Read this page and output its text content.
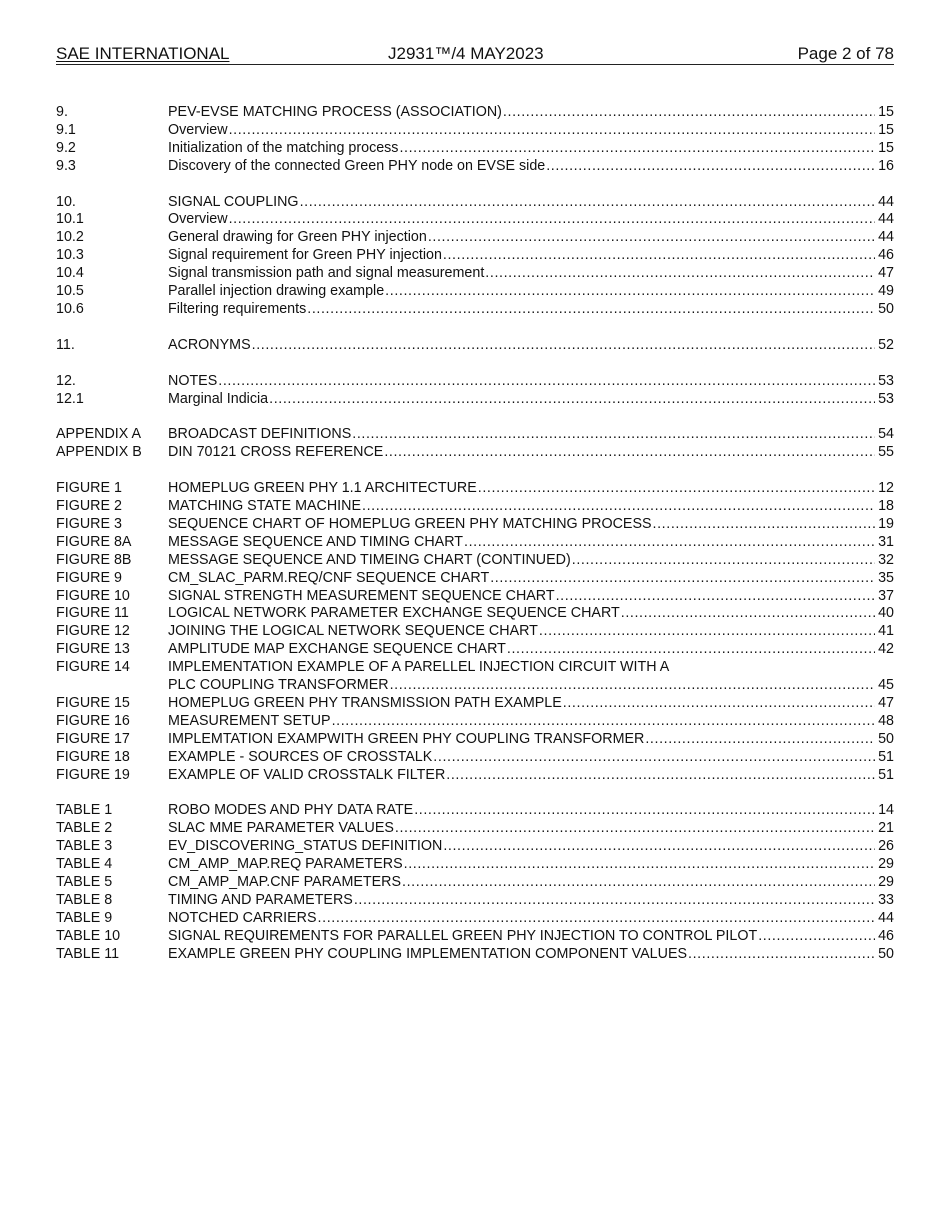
SAE INTERNATIONAL	J2931™/4 MAY2023	Page 2 of 78
9.	PEV-EVSE MATCHING PROCESS (ASSOCIATION) .....	15
9.1	Overview .....	15
9.2	Initialization of the matching process .....	15
9.3	Discovery of the connected Green PHY node on EVSE side .....	16
10.	SIGNAL COUPLING .....	44
10.1	Overview .....	44
10.2	General drawing for Green PHY injection .....	44
10.3	Signal requirement for Green PHY injection .....	46
10.4	Signal transmission path and signal measurement .....	47
10.5	Parallel injection drawing example .....	49
10.6	Filtering requirements .....	50
11.	ACRONYMS .....	52
12.	NOTES .....	53
12.1	Marginal Indicia .....	53
APPENDIX A BROADCAST DEFINITIONS .....	54
APPENDIX B DIN 70121 CROSS REFERENCE .....	55
FIGURE 1	HOMEPLUG GREEN PHY 1.1 ARCHITECTURE .....	12
FIGURE 2	MATCHING STATE MACHINE .....	18
FIGURE 3	SEQUENCE CHART OF HOMEPLUG GREEN PHY MATCHING PROCESS .....	19
FIGURE 8A	MESSAGE SEQUENCE AND TIMING CHART .....	31
FIGURE 8B	MESSAGE SEQUENCE AND TIMEING CHART (CONTINUED) .....	32
FIGURE 9	CM_SLAC_PARM.REQ/CNF SEQUENCE CHART .....	35
FIGURE 10	SIGNAL STRENGTH MEASUREMENT SEQUENCE CHART .....	37
FIGURE 11	LOGICAL NETWORK PARAMETER EXCHANGE SEQUENCE CHART .....	40
FIGURE 12	JOINING THE LOGICAL NETWORK SEQUENCE CHART .....	41
FIGURE 13	AMPLITUDE MAP EXCHANGE SEQUENCE CHART .....	42
FIGURE 14	IMPLEMENTATION EXAMPLE OF A PARELLEL INJECTION CIRCUIT WITH A
PLC COUPLING TRANSFORMER .....	45
FIGURE 15	HOMEPLUG GREEN PHY TRANSMISSION PATH EXAMPLE .....	47
FIGURE 16	MEASUREMENT SETUP .....	48
FIGURE 17	IMPLEMTATION EXAMPWITH GREEN PHY COUPLING TRANSFORMER .....	50
FIGURE 18	EXAMPLE - SOURCES OF CROSSTALK .....	51
FIGURE 19	EXAMPLE OF VALID CROSSTALK FILTER .....	51
TABLE 1	ROBO MODES AND PHY DATA RATE .....	14
TABLE 2	SLAC MME PARAMETER VALUES .....	21
TABLE 3	EV_DISCOVERING_STATUS DEFINITION .....	26
TABLE 4	CM_AMP_MAP.REQ PARAMETERS .....	29
TABLE 5	CM_AMP_MAP.CNF PARAMETERS .....	29
TABLE 8	TIMING AND PARAMETERS .....	33
TABLE 9	NOTCHED CARRIERS .....	44
TABLE 10	SIGNAL REQUIREMENTS FOR PARALLEL GREEN PHY INJECTION TO CONTROL PILOT .....	46
TABLE 11	EXAMPLE GREEN PHY COUPLING IMPLEMENTATION COMPONENT VALUES .....	50
